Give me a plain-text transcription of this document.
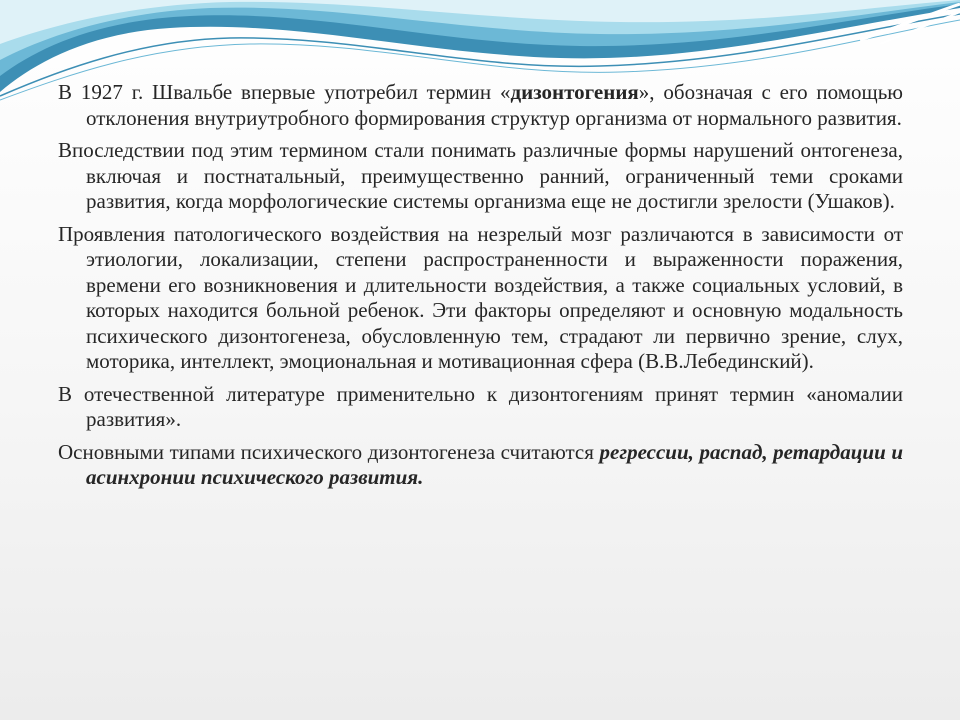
В 1927 г. Швальбе впервые употребил термин «дизонтогения», обозначая с его помощью отклонения внутриутробного формирования структур организма от нормального развития.

Впоследствии под этим термином стали понимать различные формы нарушений онтогенеза, включая и постнатальный, преимущественно ранний, ограниченный теми сроками развития, когда морфологические системы организма еще не достигли зрелости (Ушаков).

Проявления патологического воздействия на незрелый мозг различаются в зависимости от этиологии, локализации, степени распространенности и выраженности поражения, времени его возникновения и длительности воздействия, а также социальных условий, в которых находится больной ребенок. Эти факторы определяют и основную модальность психического дизонтогенеза, обусловленную тем, страдают ли первично зрение, слух, моторика, интеллект, эмоциональная и мотивационная сфера (В.В.Лебединский).

В отечественной литературе применительно к дизонтогениям принят термин «аномалии развития».

Основными типами психического дизонтогенеза считаются регрессии, распад, ретардации и асинхронии психического развития.
